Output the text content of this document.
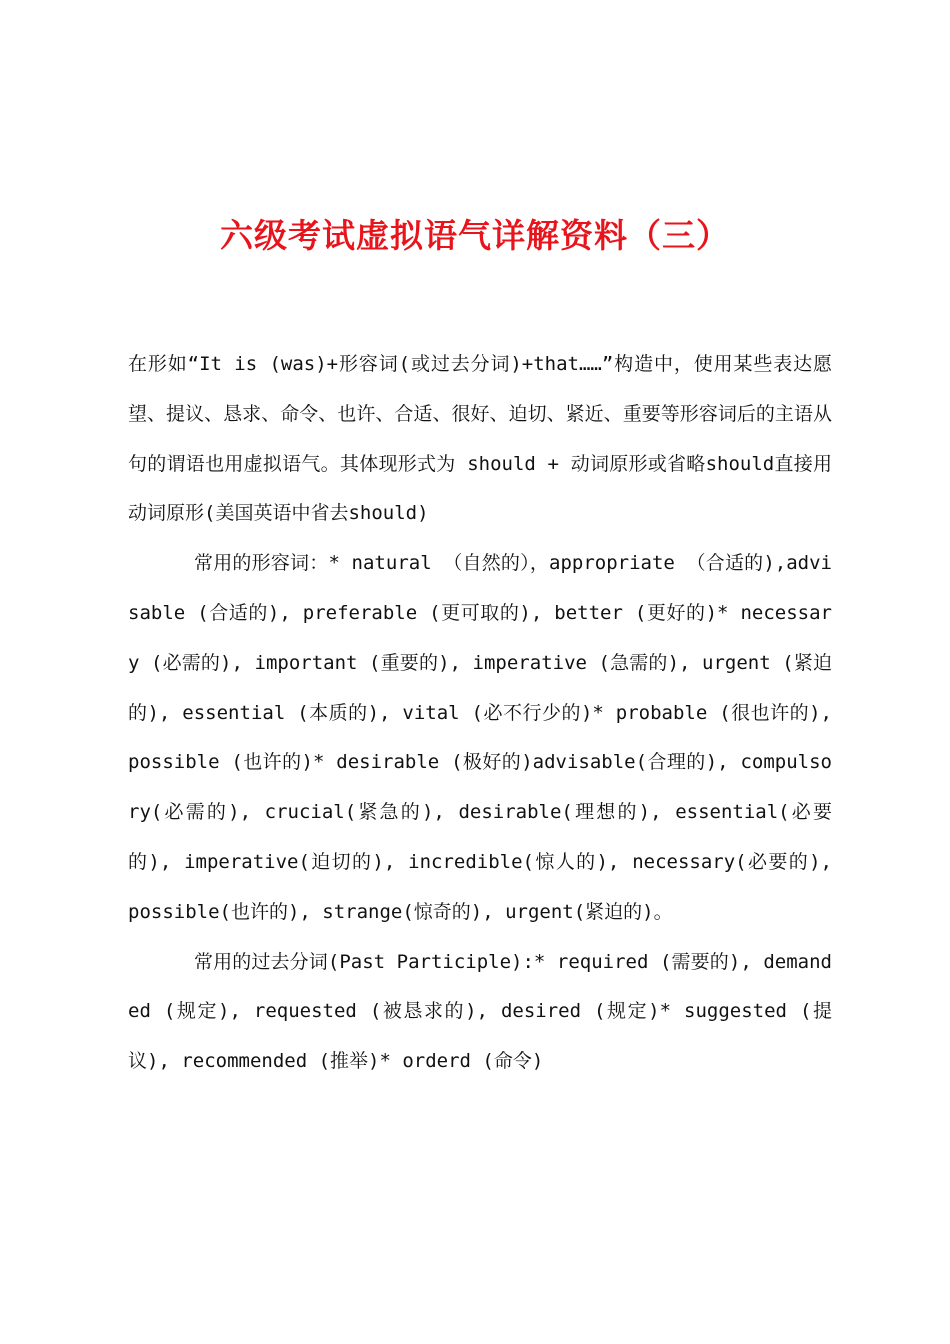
六级考试虚拟语气详解资料（三）

在形如“It is (was)+形容词(或过去分词)+that……”构造中，使用某些表达愿望、提议、恳求、命令、也许、合适、很好、迫切、紧近、重要等形容词后的主语从句的谓语也用虚拟语气。其体现形式为 should + 动词原形或省略should直接用动词原形(美国英语中省去should)

常用的形容词：* natural （自然的），appropriate （合适的),advisable (合适的), preferable (更可取的), better (更好的)* necessary (必需的), important (重要的), imperative (急需的), urgent (紧迫的), essential (本质的), vital (必不行少的)* probable (很也许的), possible (也许的)* desirable (极好的)advisable(合理的), compulsory(必需的), crucial(紧急的), desirable(理想的), essential(必要的), imperative(迫切的), incredible(惊人的), necessary(必要的), possible(也许的), strange(惊奇的), urgent(紧迫的)。

常用的过去分词(Past Participle):* required (需要的), demanded (规定), requested (被恳求的), desired (规定)* suggested (提议), recommended (推举)* orderd (命令)
